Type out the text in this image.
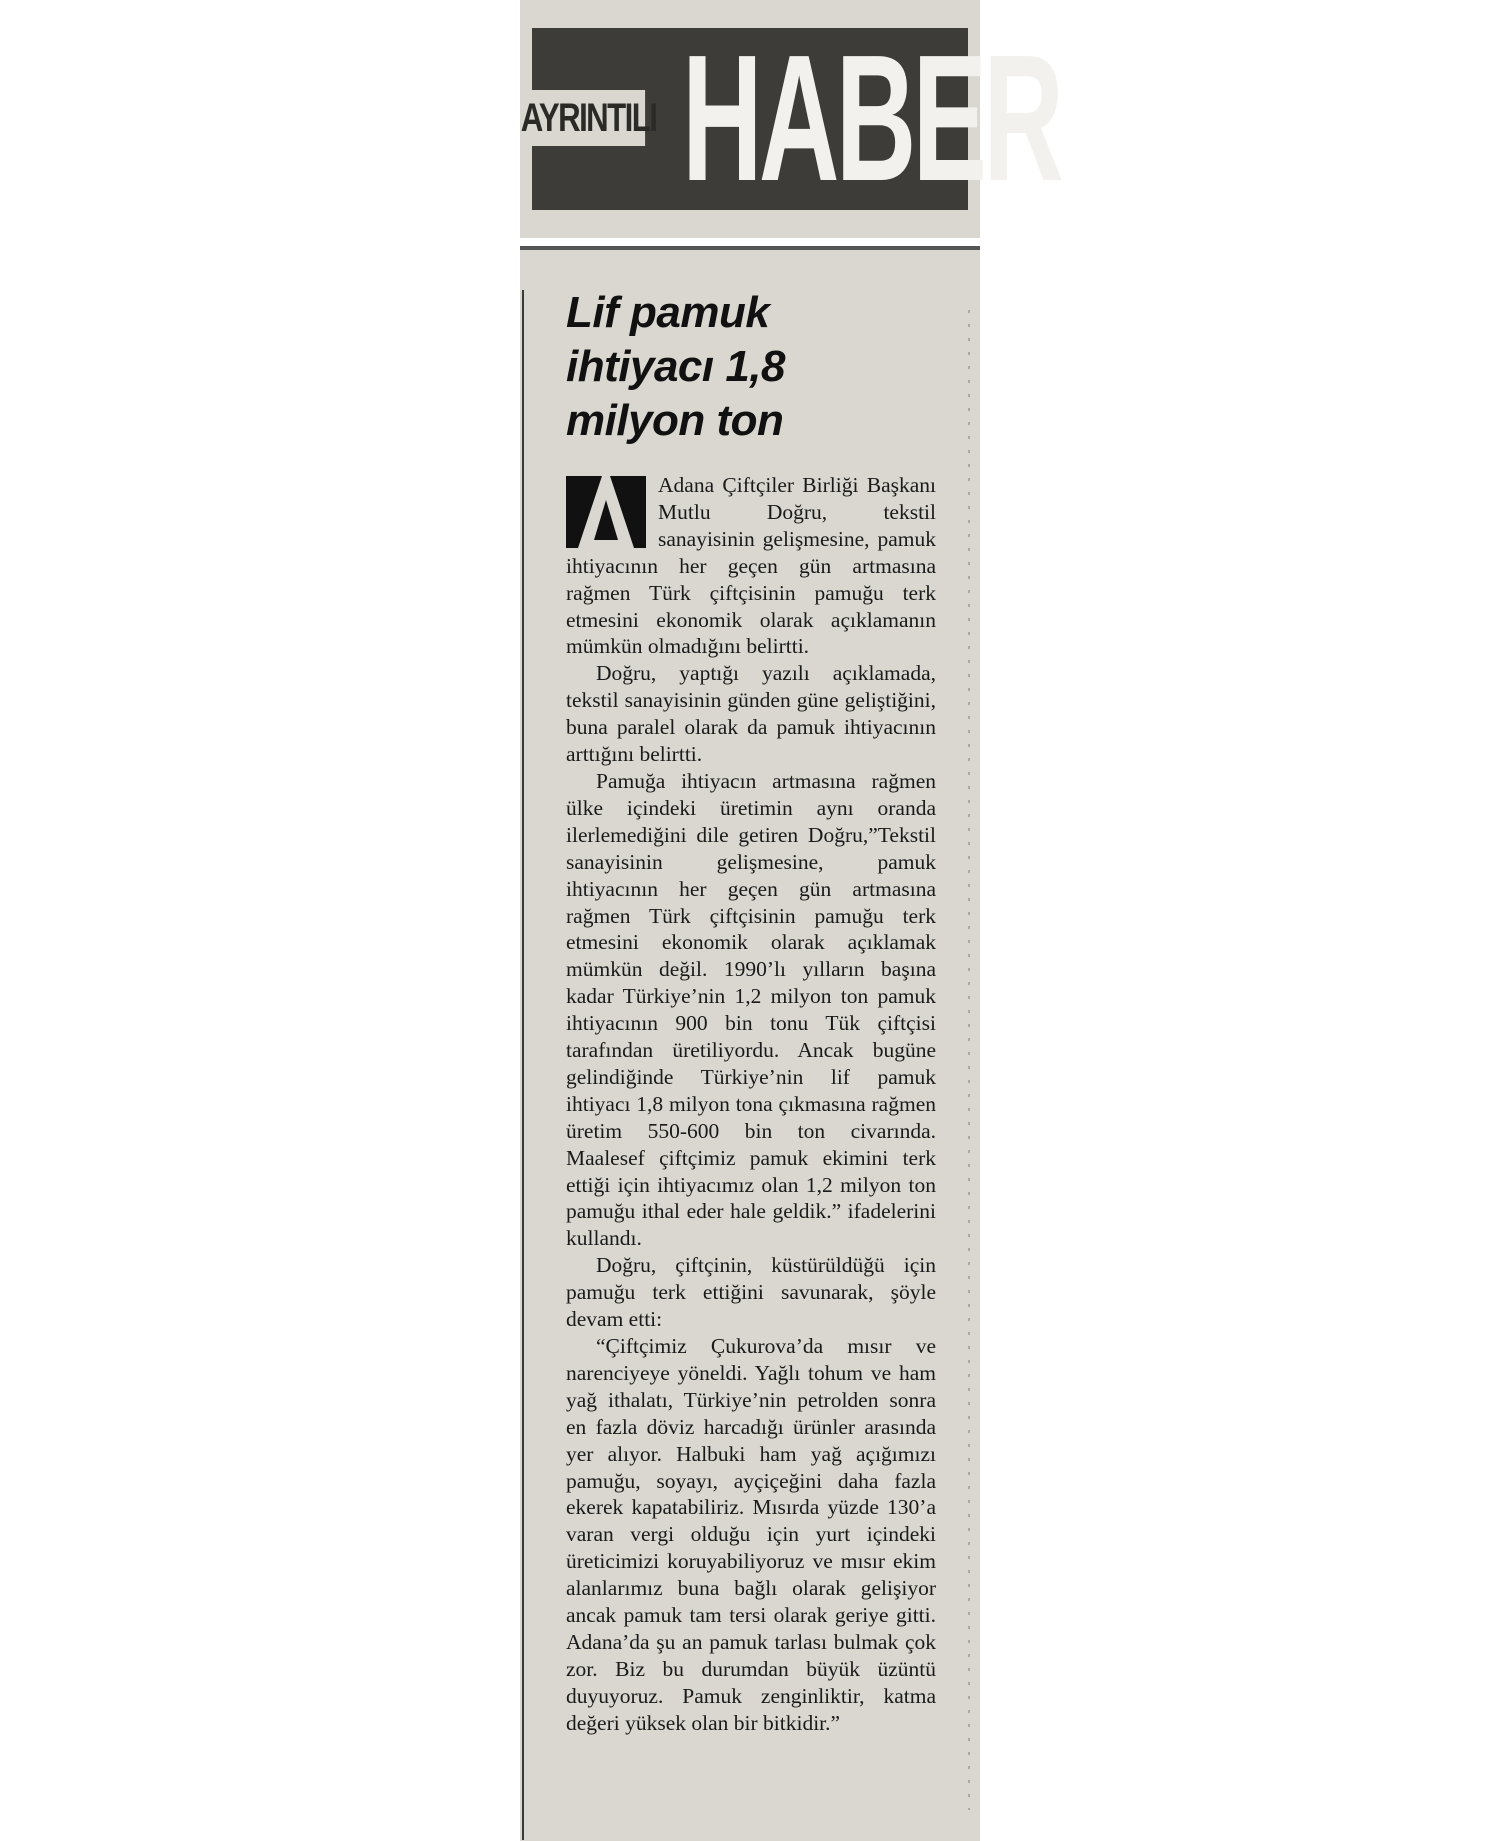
AYRINTILI HABER
Lif pamuk
ihtiyacı 1,8
milyon ton

Adana Çiftçiler Birliği Başkanı Mutlu Doğru, tekstil sanayisinin gelişmesine, pamuk ihtiyacının her geçen gün artmasına rağmen Türk çiftçisinin pamuğu terk etmesini ekonomik olarak açıklamanın mümkün olmadığını belirtti.

Doğru, yaptığı yazılı açıklamada, tekstil sanayisinin günden güne geliştiğini, buna paralel olarak da pamuk ihtiyacının arttığını belirtti.

Pamuğa ihtiyacın artmasına rağmen ülke içindeki üretimin aynı oranda ilerlemediğini dile getiren Doğru,”Tekstil sanayisinin gelişmesine, pamuk ihtiyacının her geçen gün artmasına rağmen Türk çiftçisinin pamuğu terk etmesini ekonomik olarak açıklamak mümkün değil. 1990’lı yılların başına kadar Türkiye’nin 1,2 milyon ton pamuk ihtiyacının 900 bin tonu Tük çiftçisi tarafından üretiliyordu. Ancak bugüne gelindiğinde Türkiye’nin lif pamuk ihtiyacı 1,8 milyon tona çıkmasına rağmen üretim 550-600 bin ton civarında. Maalesef çiftçimiz pamuk ekimini terk ettiği için ihtiyacımız olan 1,2 milyon ton pamuğu ithal eder hale geldik.” ifadelerini kullandı.

Doğru, çiftçinin, küstürüldüğü için pamuğu terk ettiğini savunarak, şöyle devam etti:

“Çiftçimiz Çukurova’da mısır ve narenciyeye yöneldi. Yağlı tohum ve ham yağ ithalatı, Türkiye’nin petrolden sonra en fazla döviz harcadığı ürünler arasında yer alıyor. Halbuki ham yağ açığımızı pamuğu, soyayı, ayçiçeğini daha fazla ekerek kapatabiliriz. Mısırda yüzde 130’a varan vergi olduğu için yurt içindeki üreticimizi koruyabiliyoruz ve mısır ekim alanlarımız buna bağlı olarak gelişiyor ancak pamuk tam tersi olarak geriye gitti. Adana’da şu an pamuk tarlası bulmak çok zor. Biz bu durumdan büyük üzüntü duyuyoruz. Pamuk zenginliktir, katma değeri yüksek olan bir bitkidir.”
